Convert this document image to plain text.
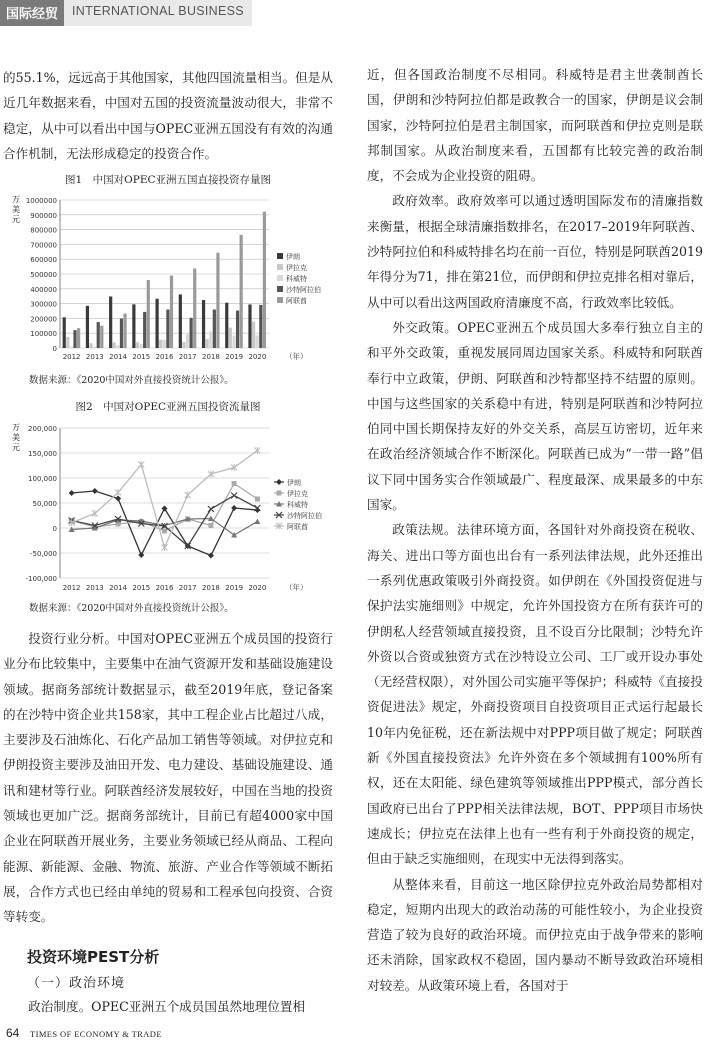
国际经贸	INTERNATIONAL BUSINESS

的55.1%，远远高于其他国家，其他四国流量相当。但是从近几年数据来看，中国对五国的投资流量波动很大，非常不稳定，从中可以看出中国与OPEC亚洲五国没有有效的沟通合作机制，无法形成稳定的投资合作。

图1　中国对OPEC亚洲五国直接投资存量图

万
美
元
1000000
900000
800000
700000
600000
500000
400000
300000
200000
100000
0
2012 2013 2014 2015 2016 2017 2018 2019 2020 （年）
伊朗
伊拉克
科威特
沙特阿拉伯
阿联酋

数据来源：《2020中国对外直接投资统计公报》。

图2　中国对OPEC亚洲五国投资流量图

万
美
元
200,000
150,000
100,000
50,000
0
-50,000
-100,000
2012 2013 2014 2015 2016 2017 2018 2019 2020 （年）
伊朗
伊拉克
科威特
沙特阿拉伯
阿联酋

数据来源：《2020中国对外直接投资统计公报》。

投资行业分析。中国对OPEC亚洲五个成员国的投资行业分布比较集中，主要集中在油气资源开发和基础设施建设领域。据商务部统计数据显示，截至2019年底，登记备案的在沙特中资企业共158家，其中工程企业占比超过八成，主要涉及石油炼化、石化产品加工销售等领域。对伊拉克和伊朗投资主要涉及油田开发、电力建设、基础设施建设、通讯和建材等行业。阿联酋经济发展较好，中国在当地的投资领域也更加广泛。据商务部统计，目前已有超4000家中国企业在阿联酋开展业务，主要业务领域已经从商品、工程向能源、新能源、金融、物流、旅游、产业合作等领域不断拓展，合作方式也已经由单纯的贸易和工程承包向投资、合资等转变。

投资环境PEST分析

（一）政治环境

政治制度。OPEC亚洲五个成员国虽然地理位置相

近，但各国政治制度不尽相同。科威特是君主世袭制酋长国，伊朗和沙特阿拉伯都是政教合一的国家，伊朗是议会制国家，沙特阿拉伯是君主制国家，而阿联酋和伊拉克则是联邦制国家。从政治制度来看，五国都有比较完善的政治制度，不会成为企业投资的阻碍。

政府效率。政府效率可以通过透明国际发布的清廉指数来衡量，根据全球清廉指数排名，在2017–2019年阿联酋、沙特阿拉伯和科威特排名均在前一百位，特别是阿联酋2019年得分为71，排在第21位，而伊朗和伊拉克排名相对靠后，从中可以看出这两国政府清廉度不高，行政效率比较低。

外交政策。OPEC亚洲五个成员国大多奉行独立自主的和平外交政策，重视发展同周边国家关系。科威特和阿联酋奉行中立政策，伊朗、阿联酋和沙特都坚持不结盟的原则。中国与这些国家的关系稳中有进，特别是阿联酋和沙特阿拉伯同中国长期保持友好的外交关系，高层互访密切，近年来在政治经济领域合作不断深化。阿联酋已成为“一带一路”倡议下同中国务实合作领域最广、程度最深、成果最多的中东国家。

政策法规。法律环境方面，各国针对外商投资在税收、海关、进出口等方面也出台有一系列法律法规，此外还推出一系列优惠政策吸引外商投资。如伊朗在《外国投资促进与保护法实施细则》中规定，允许外国投资方在所有获许可的伊朗私人经营领域直接投资，且不设百分比限制；沙特允许外资以合资或独资方式在沙特设立公司、工厂或开设办事处（无经营权限），对外国公司实施平等保护；科威特《直接投资促进法》规定，外商投资项目自投资项目正式运行起最长10年内免征税，还在新法规中对PPP项目做了规定；阿联酋新《外国直接投资法》允许外资在多个领域拥有100%所有权，还在太阳能、绿色建筑等领域推出PPP模式，部分酋长国政府已出台了PPP相关法律法规，BOT、PPP项目市场快速成长；伊拉克在法律上也有一些有利于外商投资的规定，但由于缺乏实施细则，在现实中无法得到落实。

从整体来看，目前这一地区除伊拉克外政治局势都相对稳定，短期内出现大的政治动荡的可能性较小，为企业投资营造了较为良好的政治环境。而伊拉克由于战争带来的影响还未消除，国家政权不稳固，国内暴动不断导致政治环境相对较差。从政策环境上看，各国对于

64 TIMES OF ECONOMY & TRADE
